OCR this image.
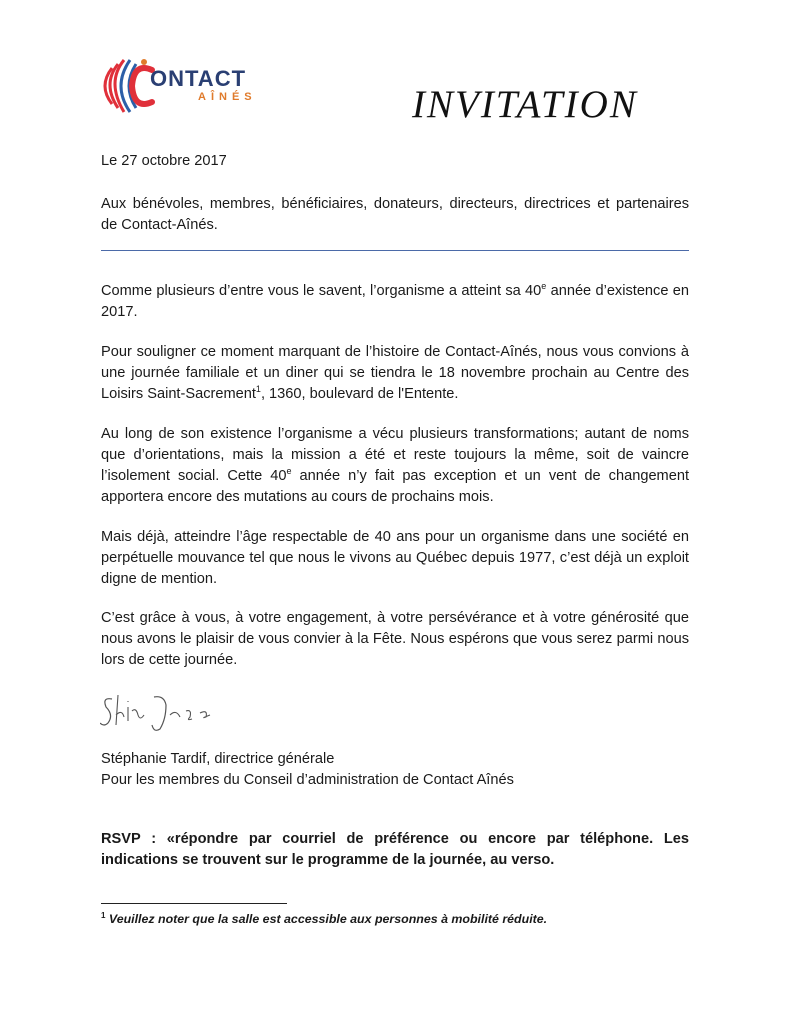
ONTACT
AÎNÉS	INVITATION
Le 27 octobre 2017
Aux bénévoles, membres, bénéficiaires, donateurs, directeurs, directrices et partenaires de Contact-Aînés.
Comme plusieurs d’entre vous le savent, l’organisme a atteint sa 40e année d’existence en 2017.
Pour souligner ce moment marquant de l’histoire de Contact-Aînés, nous vous convions à une journée familiale et un diner qui se tiendra le 18 novembre prochain au Centre des Loisirs Saint-Sacrement$^1$, 1360, boulevard de l'Entente.
Au long de son existence l’organisme a vécu plusieurs transformations; autant de noms que d’orientations, mais la mission a été et reste toujours la même, soit de vaincre l’isolement social. Cette 40e année n’y fait pas exception et un vent de changement apportera encore des mutations au cours de prochains mois.
Mais déjà, atteindre l’âge respectable de 40 ans pour un organisme dans une société en perpétuelle mouvance tel que nous le vivons au Québec depuis 1977, c’est déjà un exploit digne de mention.
C’est grâce à vous, à votre engagement, à votre persévérance et à votre générosité que nous avons le plaisir de vous convier à la Fête. Nous espérons que vous serez parmi nous lors de cette journée.
Stéphanie Tardif, directrice générale
Pour les membres du Conseil d’administration de Contact Aînés
RSVP : «répondre par courriel de préférence ou encore par téléphone. Les indications se trouvent sur le programme de la journée, au verso.
$^1$ Veuillez noter que la salle est accessible aux personnes à mobilité réduite.
